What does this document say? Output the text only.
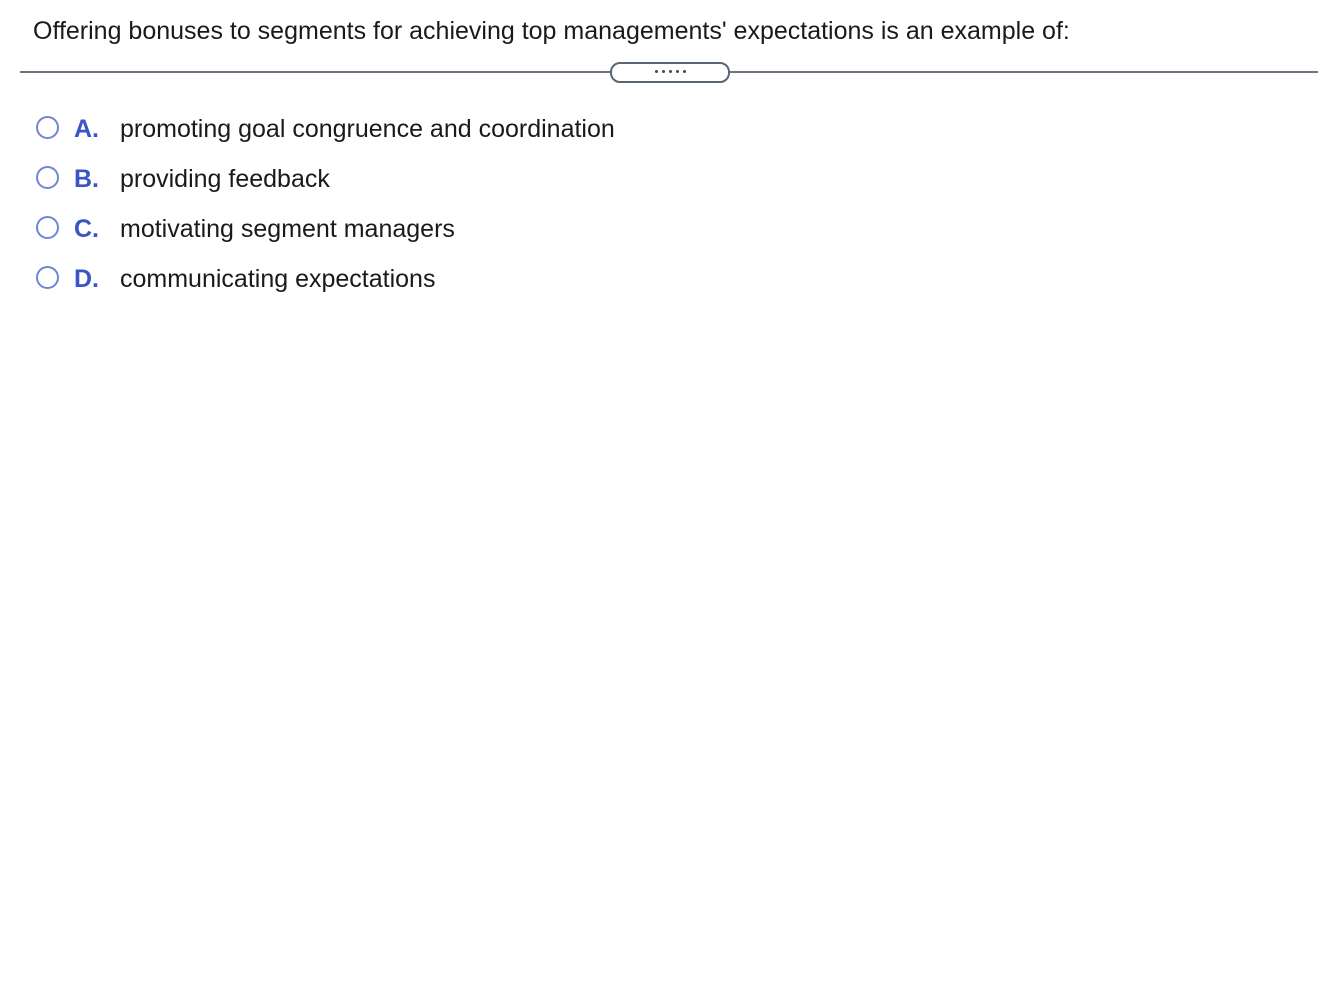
Offering bonuses to segments for achieving top managements' expectations is an example of:
A. promoting goal congruence and coordination
B. providing feedback
C. motivating segment managers
D. communicating expectations
